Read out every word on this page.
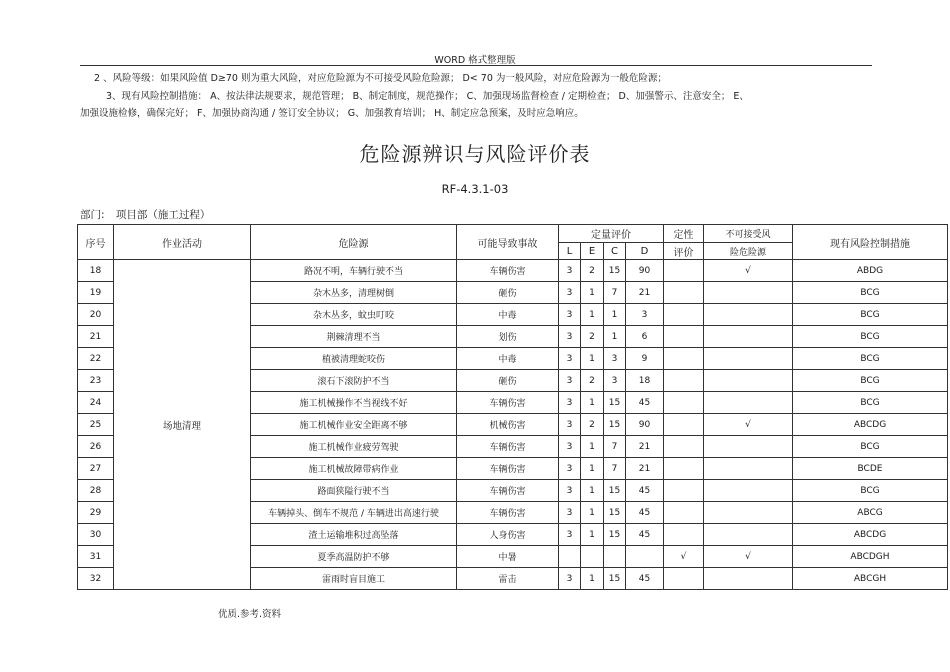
WORD 格式整理版
2 、风险等级：如果风险值 D≥70 则为重大风险，对应危险源为不可接受风险危险源； D< 70 为一般风险，对应危险源为一般危险源；
3、现有风险控制措施： A、按法律法规要求，规范管理； B、制定制度，规范操作； C、加强现场监督检查 / 定期检查； D、加强警示、注意安全； E、
加强设施检修，确保完好； F、加强协商沟通 / 签订安全协议； G、加强教育培训； H、制定应急预案，及时应急响应。
危险源辨识与风险评价表
RF-4.3.1-03
部门: 项目部（施工过程）
序号	作业活动	危险源	可能导致事故	定量评价				定性	不可接受风	现有风险控制措施
				L	E	C	D	评价	险危险源	
18	场地清理	路况不明，车辆行驶不当	车辆伤害	3	2	15	90		√	ABDG
19		杂木丛多，清理树倒	砸伤	3	1	7	21			BCG
20		杂木丛多，蚊虫叮咬	中毒	3	1	1	3			BCG
21		荆棘清理不当	划伤	3	2	1	6			BCG
22		植被清理蛇咬伤	中毒	3	1	3	9			BCG
23		滚石下滚防护不当	砸伤	3	2	3	18			BCG
24		施工机械操作不当视线不好	车辆伤害	3	1	15	45			BCG
25		施工机械作业安全距离不够	机械伤害	3	2	15	90		√	ABCDG
26		施工机械作业疲劳驾驶	车辆伤害	3	1	7	21			BCG
27		施工机械故障带病作业	车辆伤害	3	1	7	21			BCDE
28		路面狭隘行驶不当	车辆伤害	3	1	15	45			BCG
29		车辆掉头、倒车不规范 / 车辆进出高速行驶	车辆伤害	3	1	15	45			ABCG
30		渣土运输堆积过高坠落	人身伤害	3	1	15	45			ABCDG
31		夏季高温防护不够	中暑					√	√	ABCDGH
32		雷雨时盲目施工	雷击	3	1	15	45			ABCGH
优质.参考.资料
